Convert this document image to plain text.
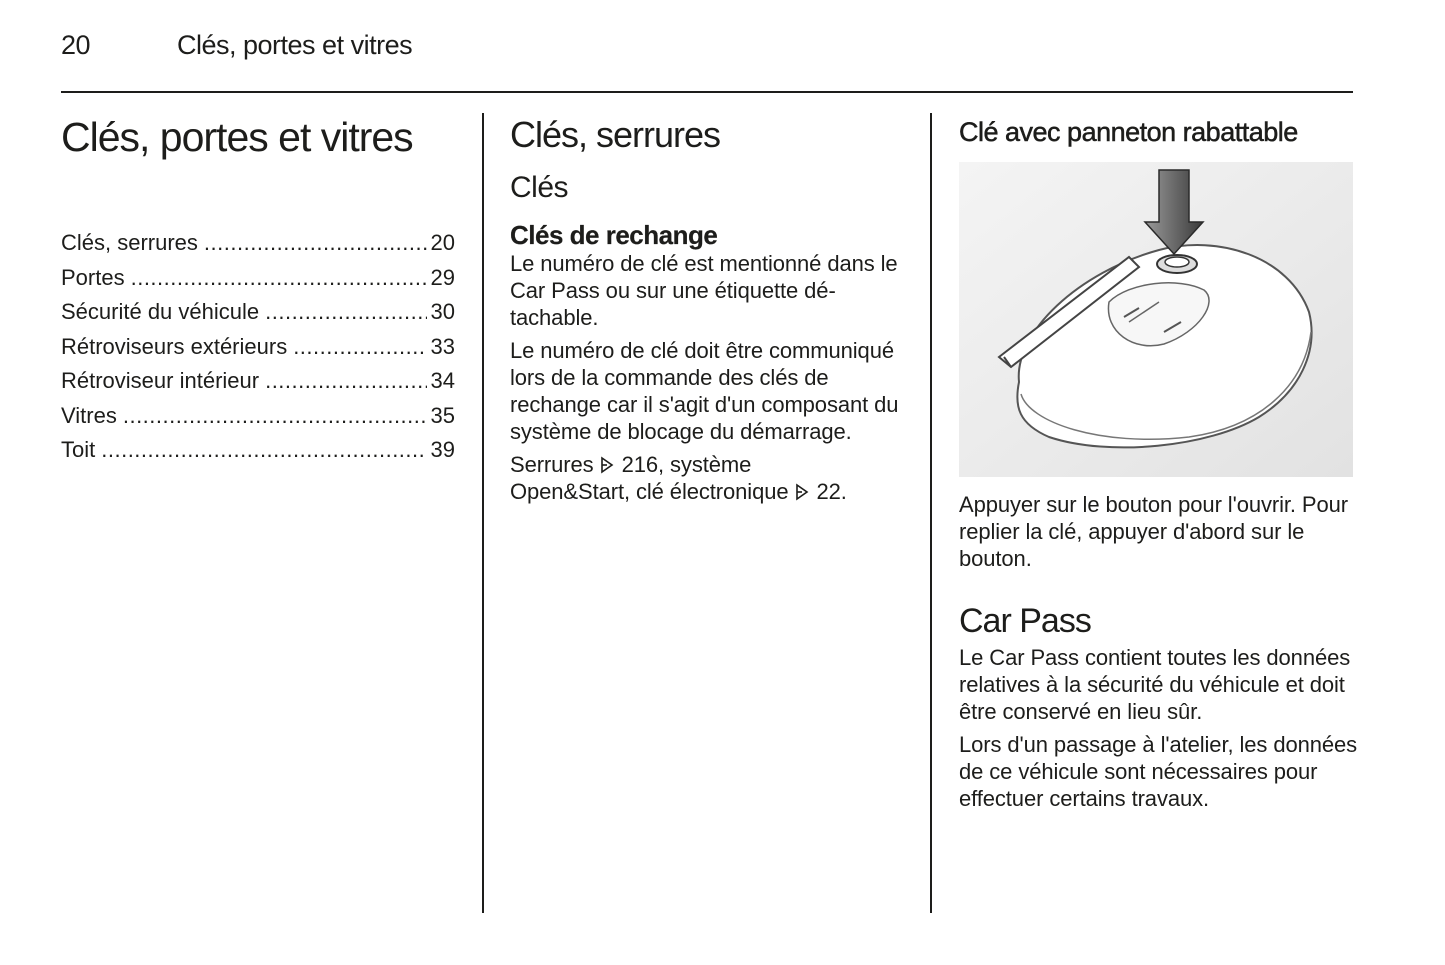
20	Clés, portes et vitres
Clés, portes et vitres
Clés, serrures .....	20
Portes .....	29
Sécurité du véhicule .....	30
Rétroviseurs extérieurs .....	33
Rétroviseur intérieur .....	34
Vitres .....	35
Toit .....	39
Clés, serrures
Clés
Clés de rechange

Le numéro de clé est mentionné dans le Car Pass ou sur une étiquette détachable.

Le numéro de clé doit être communiqué lors de la commande des clés de rechange car il s'agit d'un composant du système de blocage du démarrage.

Serrures 216, système
Open&Start, clé électronique 22.

Clé avec panneton rabattable

Appuyer sur le bouton pour l'ouvrir. Pour replier la clé, appuyer d'abord sur le bouton.

Car Pass

Le Car Pass contient toutes les données relatives à la sécurité du véhicule et doit être conservé en lieu sûr.

Lors d'un passage à l'atelier, les données de ce véhicule sont nécessaires pour effectuer certains travaux.
